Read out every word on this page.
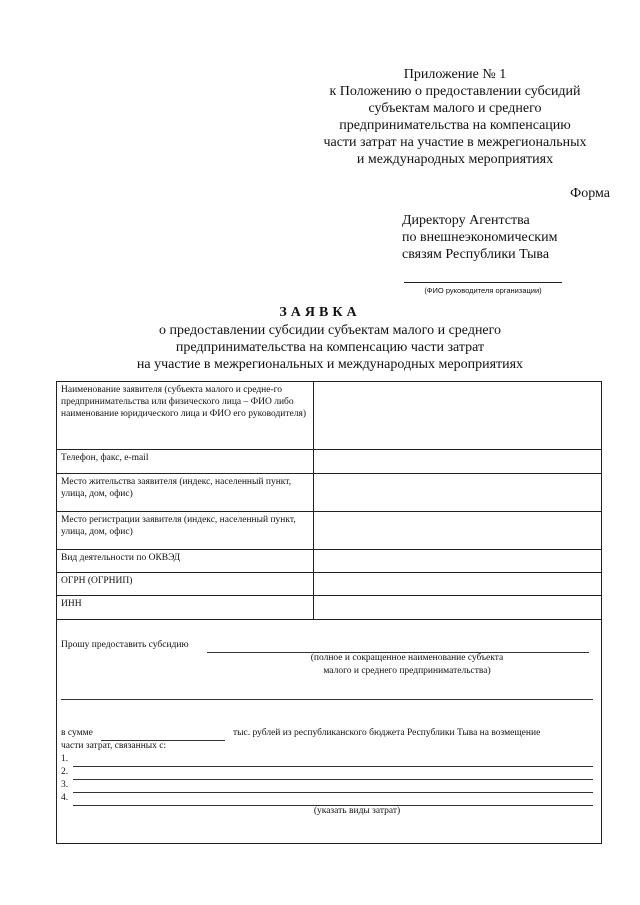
Приложение № 1
к Положению о предоставлении субсидий
субъектам малого и среднего
предпринимательства на компенсацию
части затрат на участие в межрегиональных
и международных мероприятиях
Форма
Директору Агентства
по внешнеэкономическим
связям Республики Тыва
(ФИО руководителя организации)
ЗАЯВКА
о предоставлении субсидии субъектам малого и среднего
предпринимательства на компенсацию части затрат
на участие в межрегиональных и международных мероприятиях
Наименование заявителя (субъекта малого и средне-го предпринимательства или физического лица – ФИО либо наименование юридического лица и ФИО его руководителя)
Телефон, факс, e-mail
Место жительства заявителя (индекс, населенный пункт, улица, дом, офис)
Место регистрации заявителя (индекс, населенный пункт, улица, дом, офис)
Вид деятельности по ОКВЭД
ОГРН (ОГРНИП)
ИНН
Прошу предоставить субсидию
(полное и сокращенное наименование субъекта
малого и среднего предпринимательства)
в сумме	тыс. рублей из республиканского бюджета Республики Тыва на возмещение
части затрат, связанных с:
1.
2.
3.
4.
(указать виды затрат)
